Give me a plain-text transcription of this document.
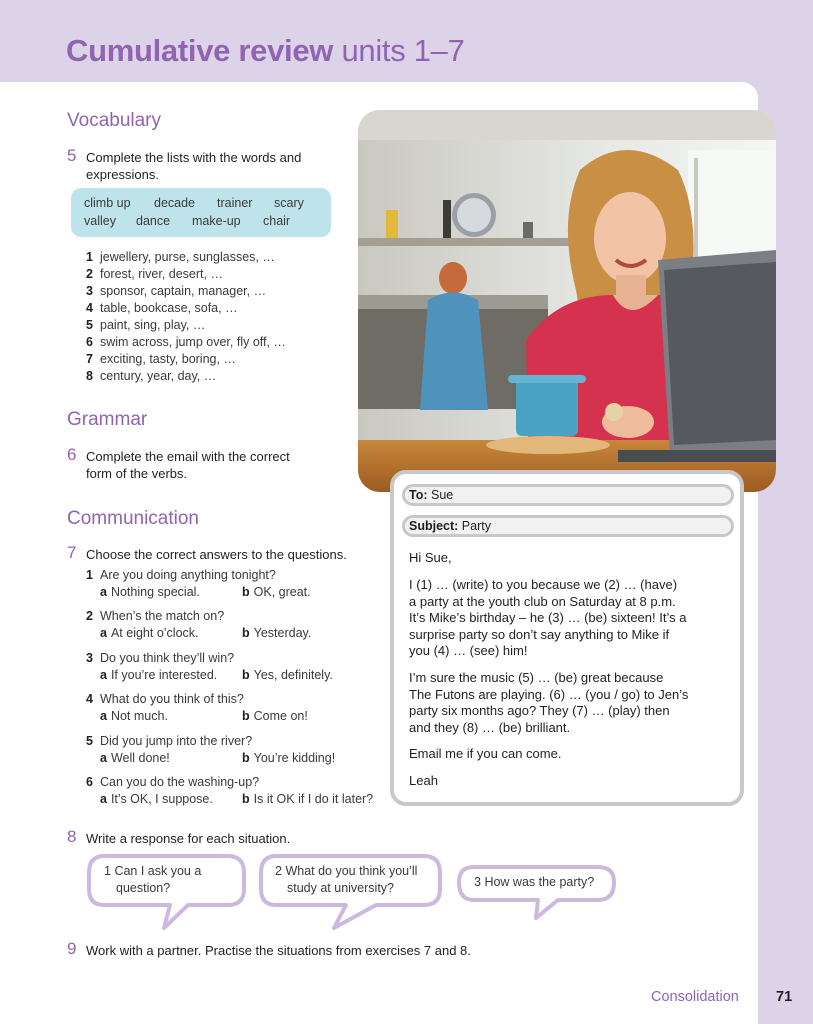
Cumulative review units 1–7
Vocabulary
5 Complete the lists with the words and
expressions.
climb up	decade	trainer	scary
valley	dance	make-up	chair
1 jewellery, purse, sunglasses, …
2 forest, river, desert, …
3 sponsor, captain, manager, …
4 table, bookcase, sofa, …
5 paint, sing, play, …
6 swim across, jump over, fly off, …
7 exciting, tasty, boring, …
8 century, year, day, …
Grammar
6 Complete the email with the correct
form of the verbs.
To: Sue
Subject: Party
Hi Sue,
I (1) … (write) to you because we (2) … (have)
a party at the youth club on Saturday at 8 p.m.
It’s Mike’s birthday – he (3) … (be) sixteen! It’s a
surprise party so don’t say anything to Mike if
you (4) … (see) him!
I’m sure the music (5) … (be) great because
The Futons are playing. (6) … (you / go) to Jen’s
party six months ago? They (7) … (play) then
and they (8) … (be) brilliant.
Email me if you can come.
Leah
Communication
7 Choose the correct answers to the questions.
1 Are you doing anything tonight?
a Nothing special.	b OK, great.
2 When’s the match on?
a At eight o’clock.	b Yesterday.
3 Do you think they’ll win?
a If you’re interested. b Yes, definitely.
4 What do you think of this?
a Not much.	b Come on!
5 Did you jump into the river?
a Well done!	b You’re kidding!
6 Can you do the washing-up?
a It’s OK, I suppose. b Is it OK if I do it later?
8 Write a response for each situation.
1 Can I ask you a
question?
2 What do you think you’ll
study at university?	3 How was the party?
9 Work with a partner. Practise the situations from exercises 7 and 8.
Consolidation	71
